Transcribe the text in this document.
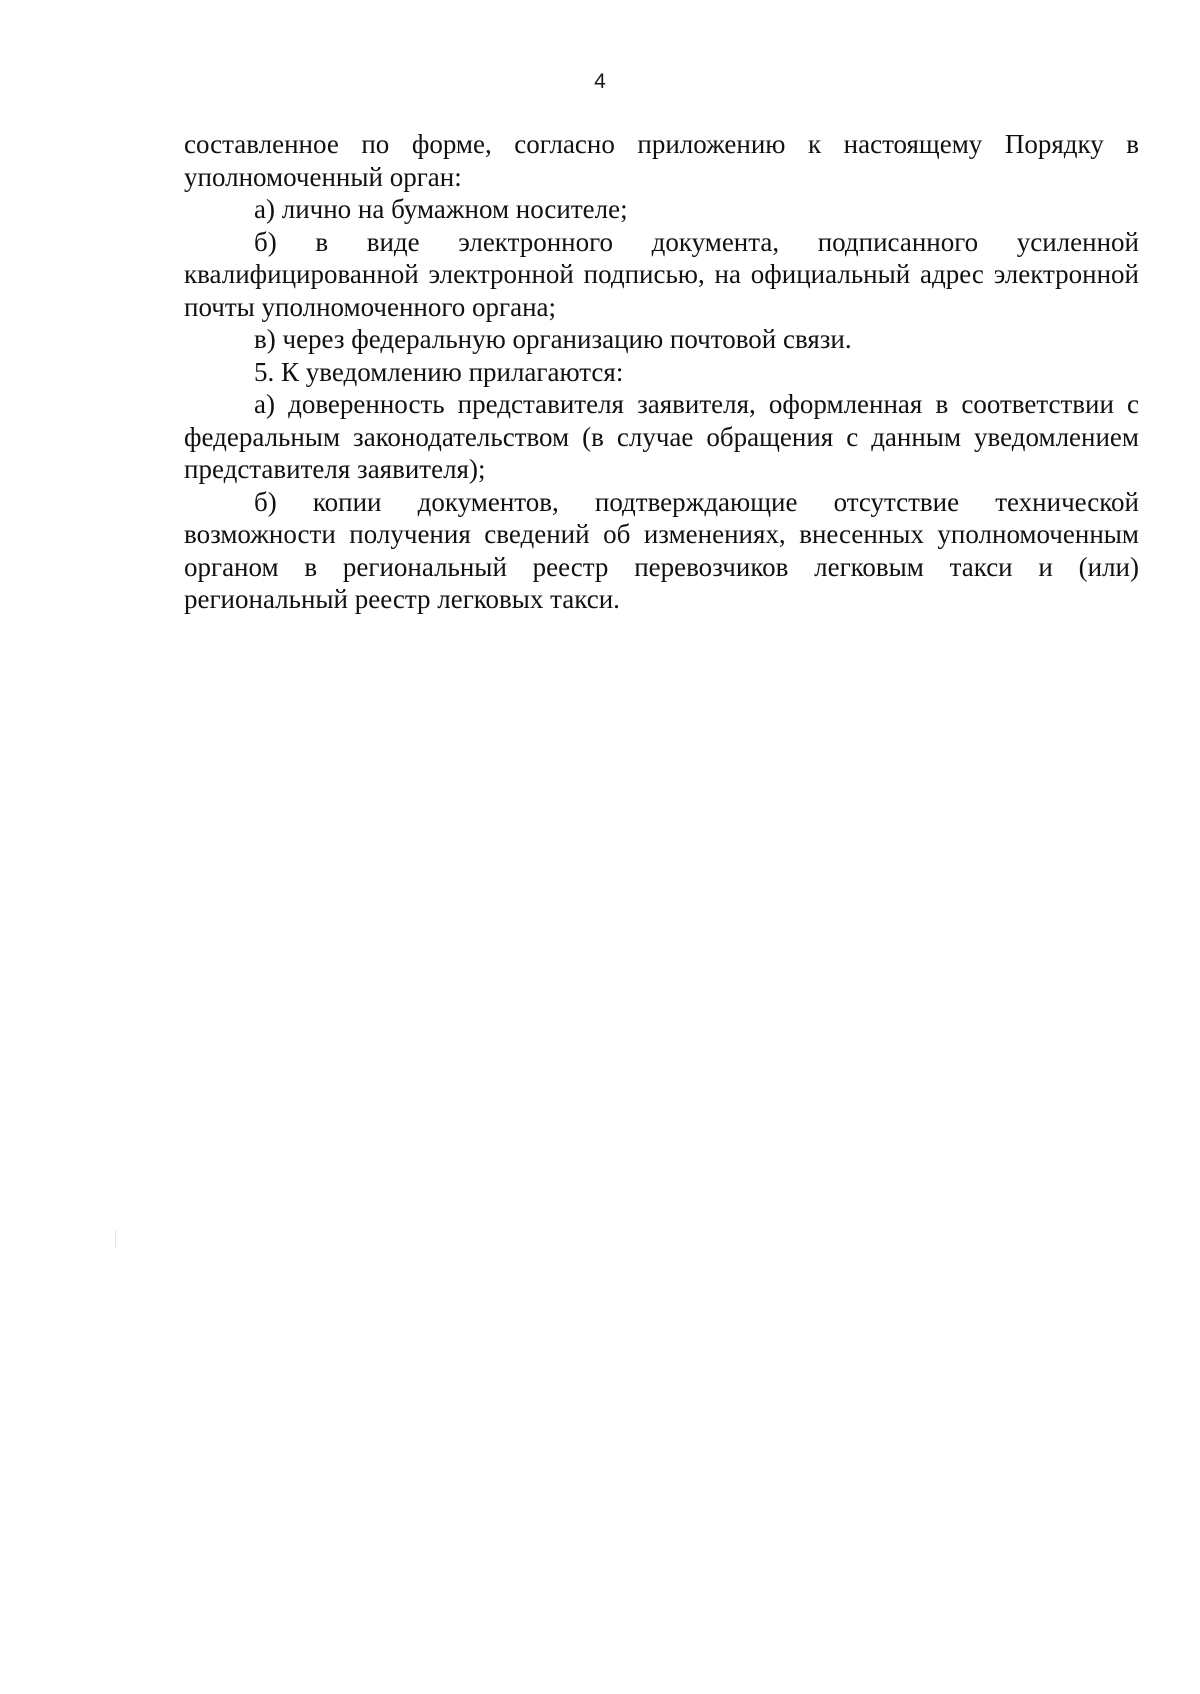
4

составленное по форме, согласно приложению к настоящему Порядку в уполномоченный орган:

а) лично на бумажном носителе;

б) в виде электронного документа, подписанного усиленной квалифицированной электронной подписью, на официальный адрес электронной почты уполномоченного органа;

в) через федеральную организацию почтовой связи.

5. К уведомлению прилагаются:

а) доверенность представителя заявителя, оформленная в соответствии с федеральным законодательством (в случае обращения с данным уведомлением представителя заявителя);

б) копии документов, подтверждающие отсутствие технической возможности получения сведений об изменениях, внесенных уполномоченным органом в региональный реестр перевозчиков легковым такси и (или) региональный реестр легковых такси.
